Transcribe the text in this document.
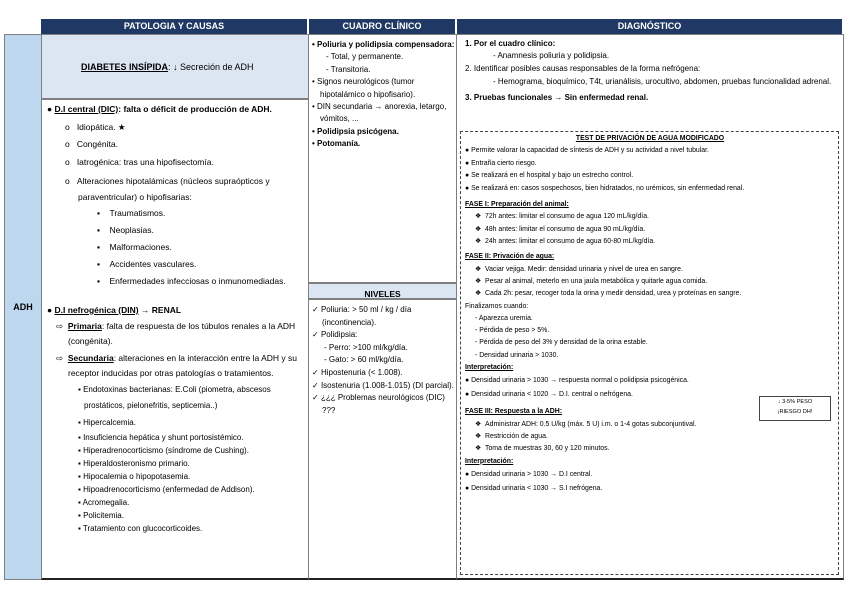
PATOLOGIA Y CAUSAS	CUADRO CLÍNICO	DIAGNÓSTICO
ADH
DIABETES INSÍPIDA: ↓ Secreción de ADH
● D.I central (DIC): falta o déficit de producción de ADH.
o   Idiopática. ★
o   Congénita.
o   Iatrogénica: tras una hipofisectomía.
o   Alteraciones hipotalámicas (núcleos supraópticos y paraventricular) o hipofisarias:
▪    Traumatismos.
▪    Neoplasias.
▪    Malformaciones.
▪    Accidentes vasculares.
▪    Enfermedades infecciosas o inmunomediadas.
● D.I nefrogénica (DIN) → RENAL
⇨  Primaria: falta de respuesta de los túbulos renales a la ADH (congénita).
⇨  Secundaria: alteraciones en la interacción entre la ADH y su receptor inducidas por otras patologías o tratamientos.
▪ Endotoxinas bacterianas: E.Coli (piometra, abscesos prostáticos, pielonefritis, septicemia..)
▪ Hipercalcemia.
▪ Insuficiencia hepática y shunt portosistémico.
▪ Hiperadrenocorticismo (síndrome de Cushing).
▪ Hiperaldosteronismo primario.
▪ Hipocalemia o hipopotasemia.
▪ Hipoadrenocorticismo (enfermedad de Addison).
▪ Acromegalia.
▪ Policitemia.
▪ Tratamiento con glucocorticoides.
• Poliuria y polidipsia compensadora:
- Total, y permanente.
- Transitoria.
• Signos neurológicos (tumor hipotalámico o hipofisario).
• DIN secundaria → anorexia, letargo, vómitos, ...
• Polidipsia psicógena.
• Potomanía.
NIVELES
✓ Poliuria: > 50 ml / kg / día (incontinencia).
✓ Polidipsia:
- Perro: >100 ml/kg/día.
- Gato: > 60 ml/kg/día.
✓ Hipostenuria (< 1.008).
✓ Isostenuria (1.008-1.015) (DI parcial).
✓ ¿¿¿ Problemas neurológicos (DIC) ???
1. Por el cuadro clínico:
- Anamnesis poliuria y polidipsia.
2. Identificar posibles causas responsables de la forma nefrógena:
- Hemograma, bioquímico, T4t, urianálisis, urocultivo, abdomen, pruebas funcionalidad adrenal.
3. Pruebas funcionales → Sin enfermedad renal.
TEST DE PRIVACIÓN DE AGUA MODIFICADO
● Permite valorar la capacidad de síntesis de ADH y su actividad a nivel tubular.
● Entraña cierto riesgo.
● Se realizará en el hospital y bajo un estrecho control.
● Se realizará en: casos sospechosos, bien hidratados, no urémicos, sin enfermedad renal.
FASE I: Preparación del animal:
❖  72h antes: limitar el consumo de agua 120 mL/kg/día.
❖  48h antes: limitar el consumo de agua 90 mL/kg/día.
❖  24h antes: limitar el consumo de agua 60-80 mL/kg/día.
FASE II: Privación de agua:
❖  Vaciar vejiga. Medir: densidad urinaria y nivel de urea en sangre.
❖  Pesar al animal, meterlo en una jaula metabólica y quitarle agua comida.
❖  Cada 2h: pesar, recoger toda la orina y medir densidad, urea y proteínas en sangre.
Finalizamos cuando:
- Aparezca uremia.
- Pérdida de peso > 5%.
- Pérdida de peso del 3% y densidad de la orina estable.
- Densidad urinaria > 1030.
Interpretación:
● Densidad urinaria > 1030 → respuesta normal o polidipsia psicogénica.
● Densidad urinaria < 1020 → D.I. central o nefrógena.
FASE III: Respuesta a la ADH:
❖  Administrar ADH: 0.5 U/kg (máx. 5 U) i.m. o 1-4 gotas subconjuntival.
❖  Restricción de agua.
❖  Toma de muestras 30, 60 y 120 minutos.
Interpretación:
● Densidad urinaria > 1030 → D.I central.
● Densidad urinaria < 1030 → S.I nefrógena.
↓ 3-5% PESO
¡RIESGO DH!
